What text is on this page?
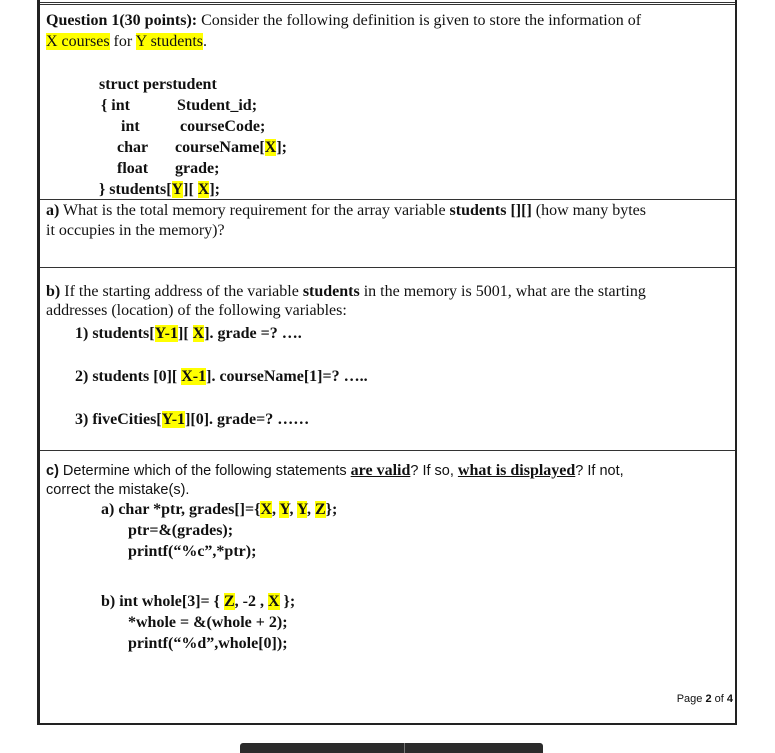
Question 1(30 points): Consider the following definition is given to store the information of
X courses for Y students.
struct perstudent
{ int	Student_id;
int	courseCode;
char courseName[X];
float grade;
} students[Y][ X];
a) What is the total memory requirement for the array variable students [][] (how many bytes
it occupies in the memory)?
b) If the starting address of the variable students in the memory is 5001, what are the starting
addresses (location) of the following variables:
1) students[Y-1][ X]. grade =? ….
2) students [0][ X-1]. courseName[1]=? …..
3) fiveCities[Y-1][0]. grade=? ……
c) Determine which of the following statements are valid? If so, what is displayed? If not,
correct the mistake(s).
a) char *ptr, grades[]={X, Y, Y, Z};
ptr=&(grades);
printf(“%c”,*ptr);
b) int whole[3]= { Z, -2 , X };
*whole = &(whole + 2);
printf(“%d”,whole[0]);
Page 2 of 4
